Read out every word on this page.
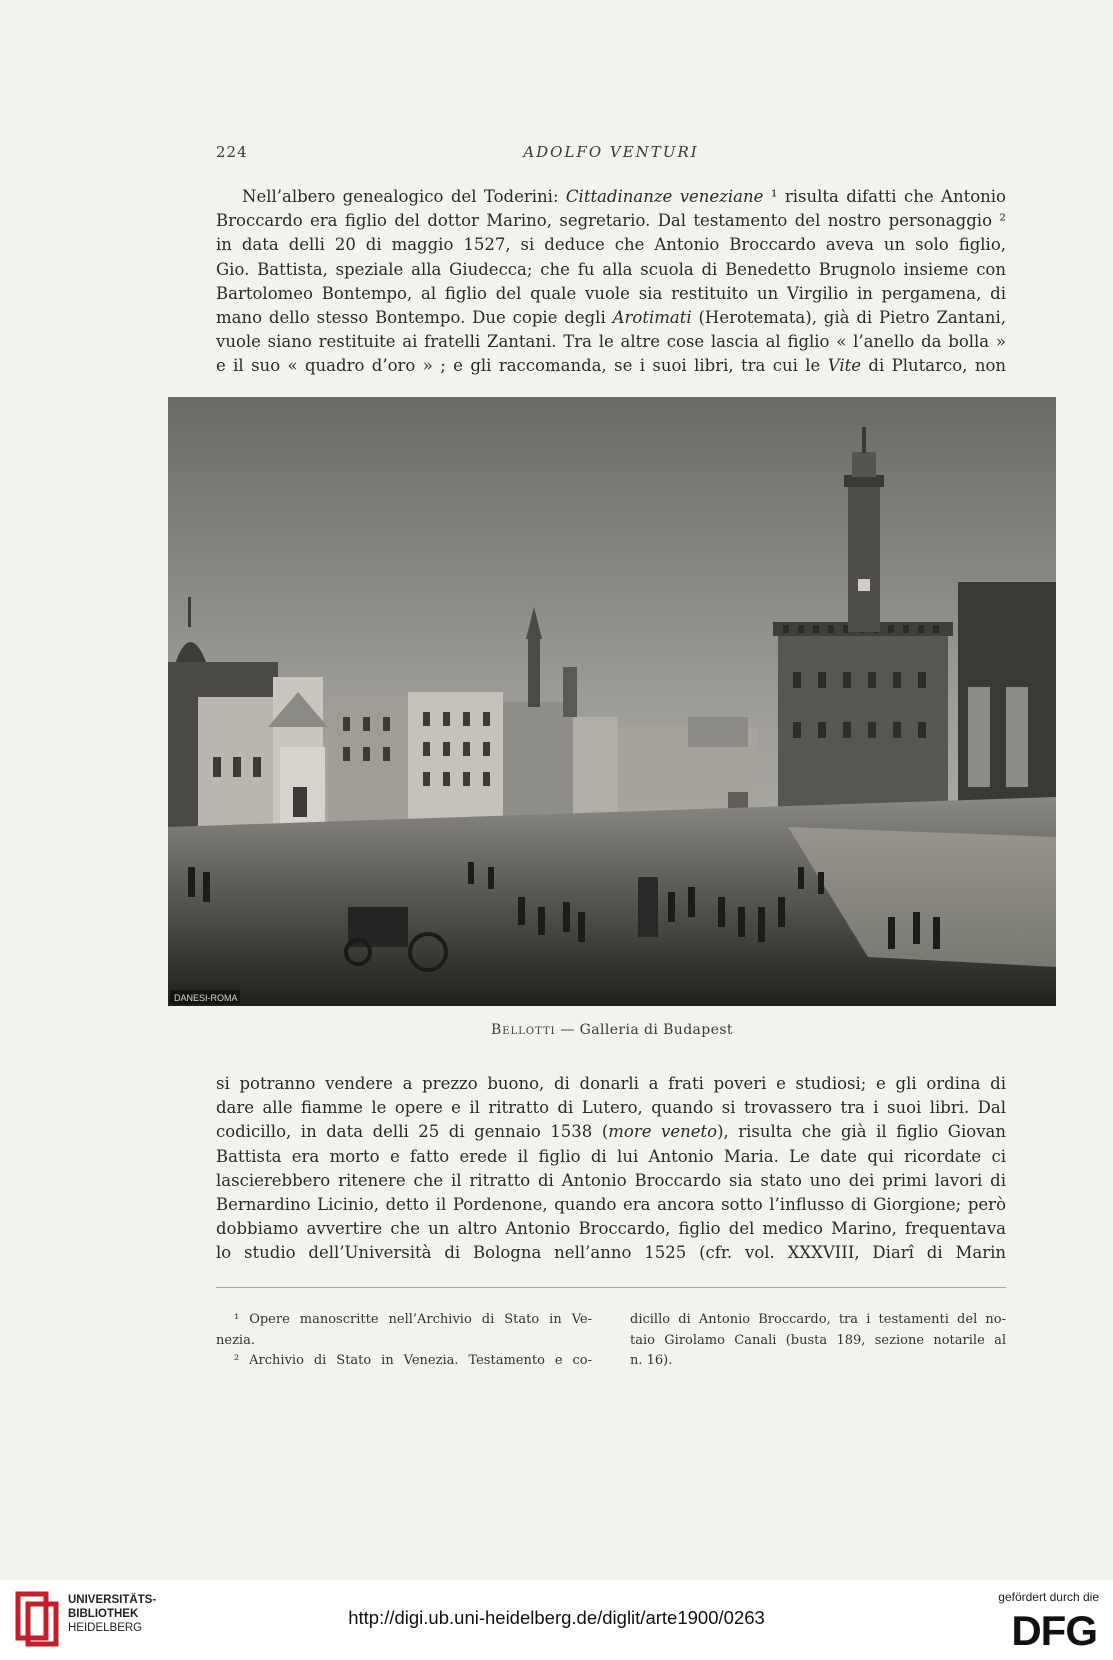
224	ADOLFO VENTURI
Nell’albero genealogico del Toderini: Cittadinanze veneziane ¹ risulta difatti che Antonio
Broccardo era figlio del dottor Marino, segretario. Dal testamento del nostro personaggio ²
in data delli 20 di maggio 1527, si deduce che Antonio Broccardo aveva un solo figlio,
Gio. Battista, speziale alla Giudecca; che fu alla scuola di Benedetto Brugnolo insieme con
Bartolomeo Bontempo, al figlio del quale vuole sia restituito un Virgilio in pergamena, di
mano dello stesso Bontempo. Due copie degli Arotimati (Herotemata), già di Pietro Zantani,
vuole siano restituite ai fratelli Zantani. Tra le altre cose lascia al figlio « l’anello da bolla »
e il suo « quadro d’oro » ; e gli raccomanda, se i suoi libri, tra cui le Vite di Plutarco, non
DANESI-ROMA
Bellotti — Galleria di Budapest
si potranno vendere a prezzo buono, di donarli a frati poveri e studiosi; e gli ordina di
dare alle fiamme le opere e il ritratto di Lutero, quando si trovassero tra i suoi libri. Dal
codicillo, in data delli 25 di gennaio 1538 (more veneto), risulta che già il figlio Giovan
Battista era morto e fatto erede il figlio di lui Antonio Maria. Le date qui ricordate ci
lascierebbero ritenere che il ritratto di Antonio Broccardo sia stato uno dei primi lavori di
Bernardino Licinio, detto il Pordenone, quando era ancora sotto l’influsso di Giorgione; però
dobbiamo avvertire che un altro Antonio Broccardo, figlio del medico Marino, frequentava
lo studio dell’Università di Bologna nell’anno 1525 (cfr. vol. XXXVIII, Diarî di Marin
¹ Opere manoscritte nell’Archivio di Stato in Ve-
nezia.
² Archivio di Stato in Venezia. Testamento e co-
dicillo di Antonio Broccardo, tra i testamenti del no-
taio Girolamo Canali (busta 189, sezione notarile al
n. 16).
UNIVERSITÄTS-
BIBLIOTHEK
HEIDELBERG	http://digi.ub.uni-heidelberg.de/diglit/arte1900/0263
gefördert durch die
DFG
